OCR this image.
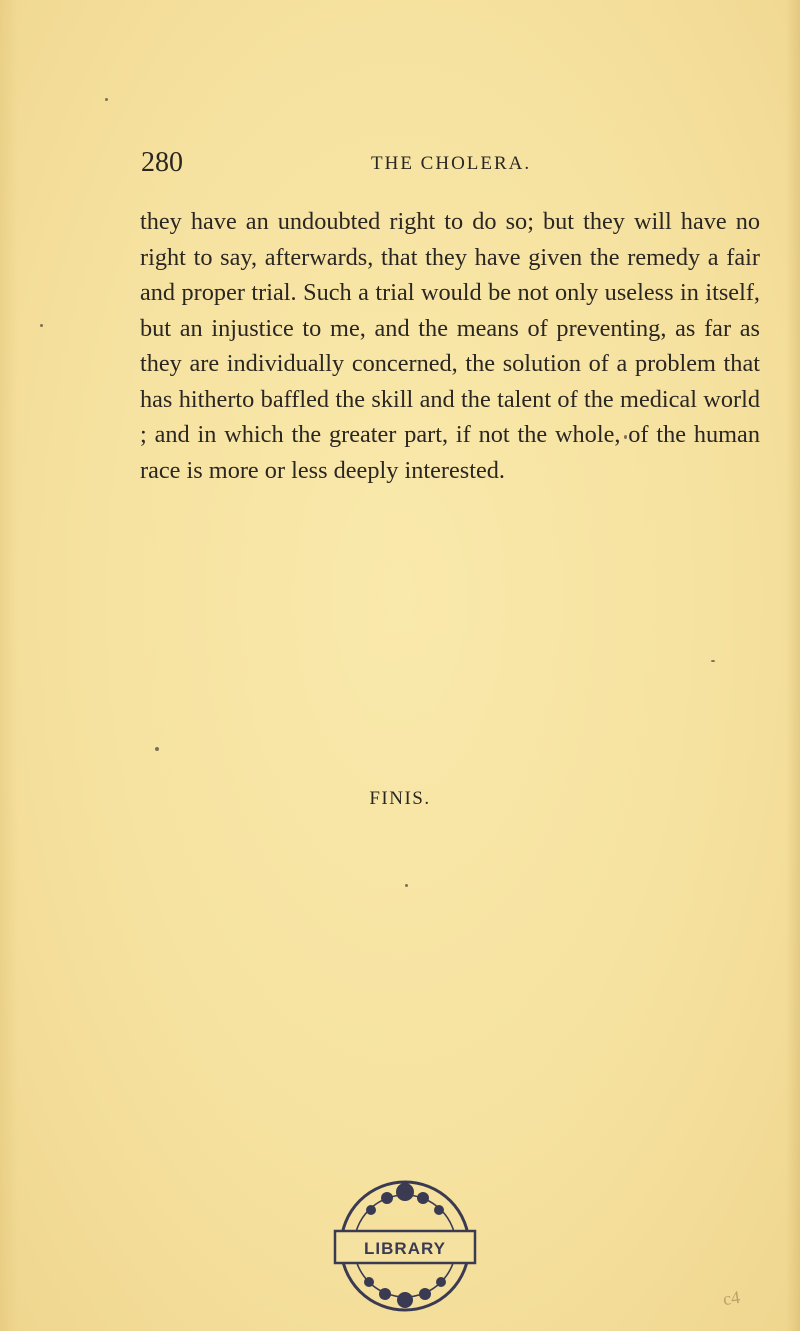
280	THE CHOLERA.

they have an undoubted right to do so; but they will have no right to say, afterwards, that they have given the remedy a fair and proper trial. Such a trial would be not only useless in itself, but an injustice to me, and the means of preventing, as far as they are individually concerned, the solution of a problem that has hitherto baffled the skill and the talent of the medical world ; and in which the greater part, if not the whole, of the human race is more or less deeply interested.

FINIS.
LIBRARY
c4
